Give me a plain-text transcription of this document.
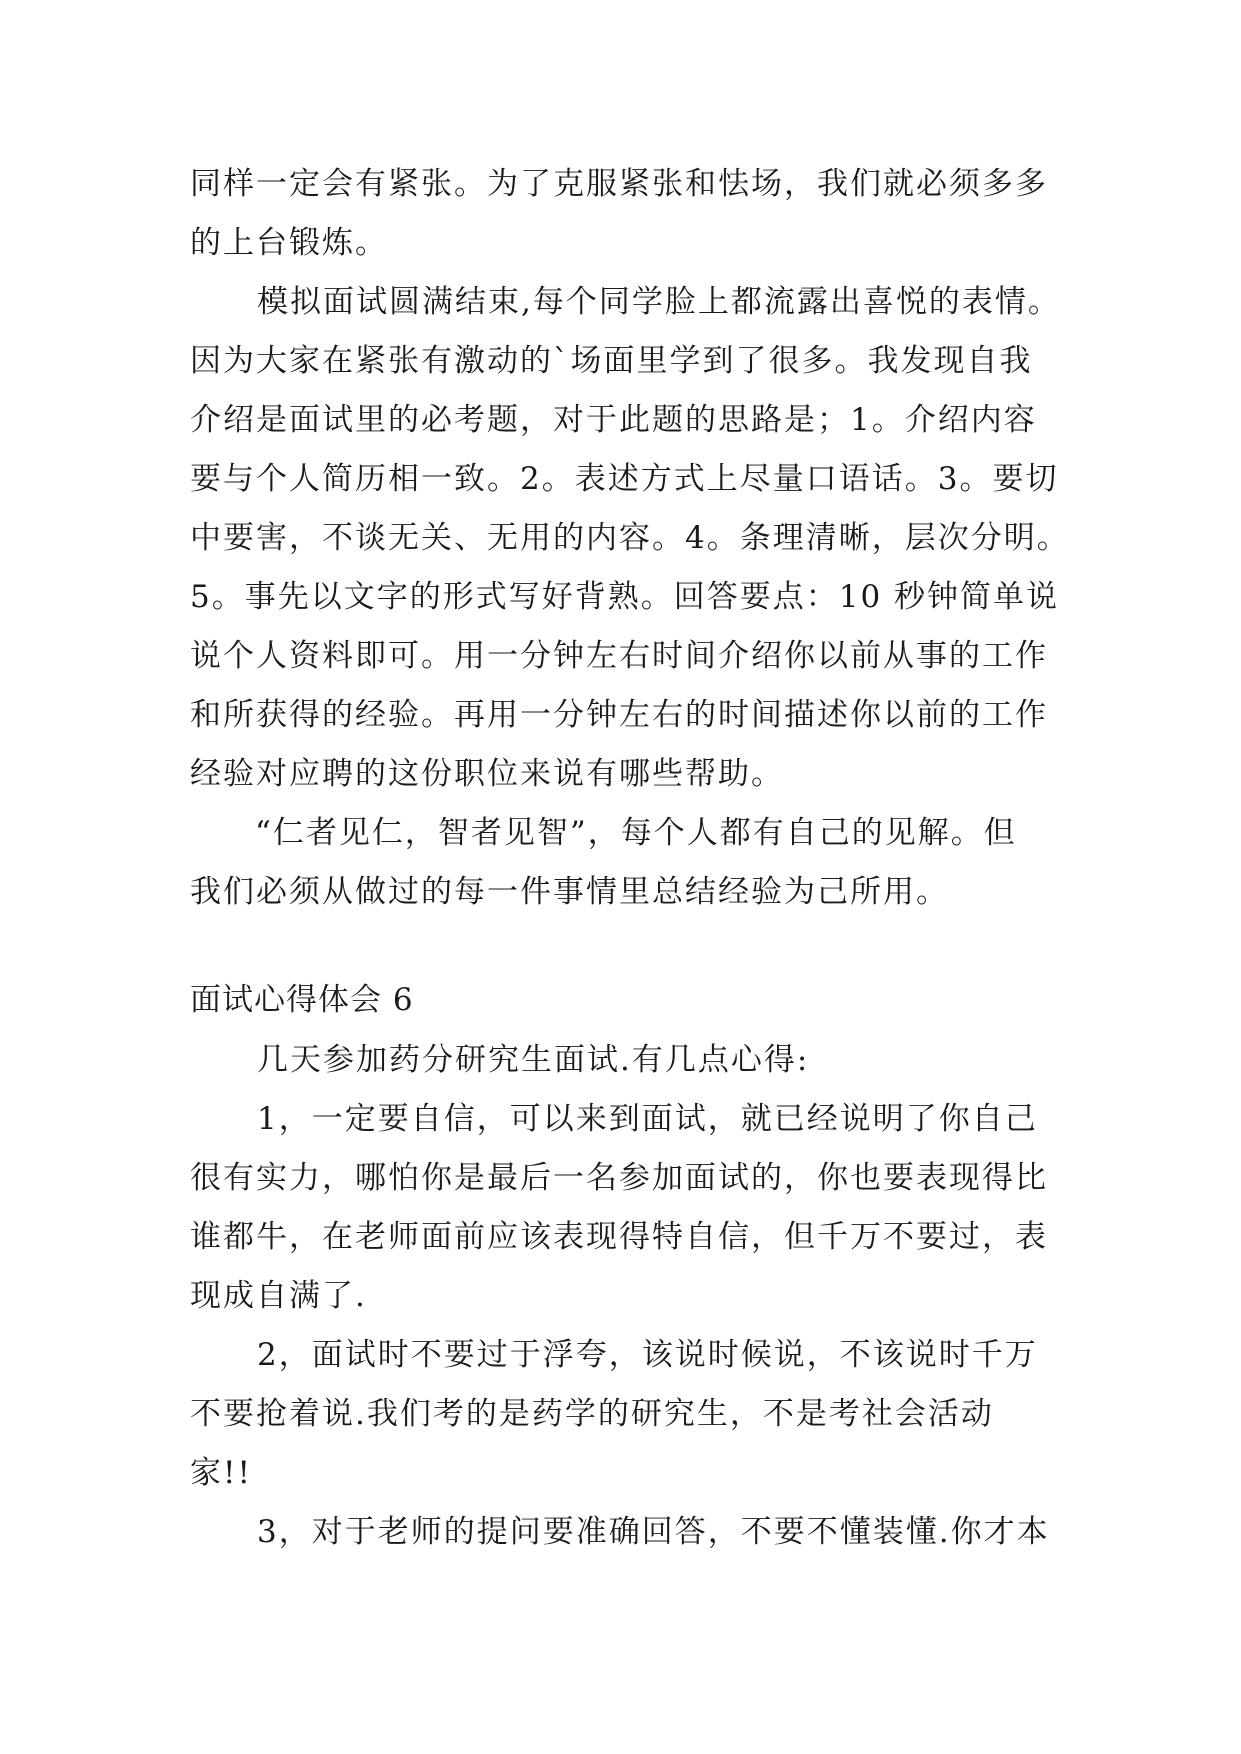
同样一定会有紧张。为了克服紧张和怯场，我们就必须多多
的上台锻炼。
模拟面试圆满结束,每个同学脸上都流露出喜悦的表情。
因为大家在紧张有激动的`场面里学到了很多。我发现自我
介绍是面试里的必考题，对于此题的思路是；1。介绍内容
要与个人简历相一致。2。表述方式上尽量口语话。3。要切
中要害，不谈无关、无用的内容。4。条理清晰，层次分明。
5。事先以文字的形式写好背熟。回答要点：10 秒钟简单说
说个人资料即可。用一分钟左右时间介绍你以前从事的工作
和所获得的经验。再用一分钟左右的时间描述你以前的工作
经验对应聘的这份职位来说有哪些帮助。
“仁者见仁，智者见智”，每个人都有自己的见解。但
我们必须从做过的每一件事情里总结经验为己所用。
面试心得体会 6
几天参加药分研究生面试.有几点心得:
1，一定要自信，可以来到面试，就已经说明了你自己
很有实力，哪怕你是最后一名参加面试的，你也要表现得比
谁都牛，在老师面前应该表现得特自信，但千万不要过，表
现成自满了.
2，面试时不要过于浮夸，该说时候说，不该说时千万
不要抢着说.我们考的是药学的研究生，不是考社会活动
家!!
3，对于老师的提问要准确回答，不要不懂装懂.你才本
